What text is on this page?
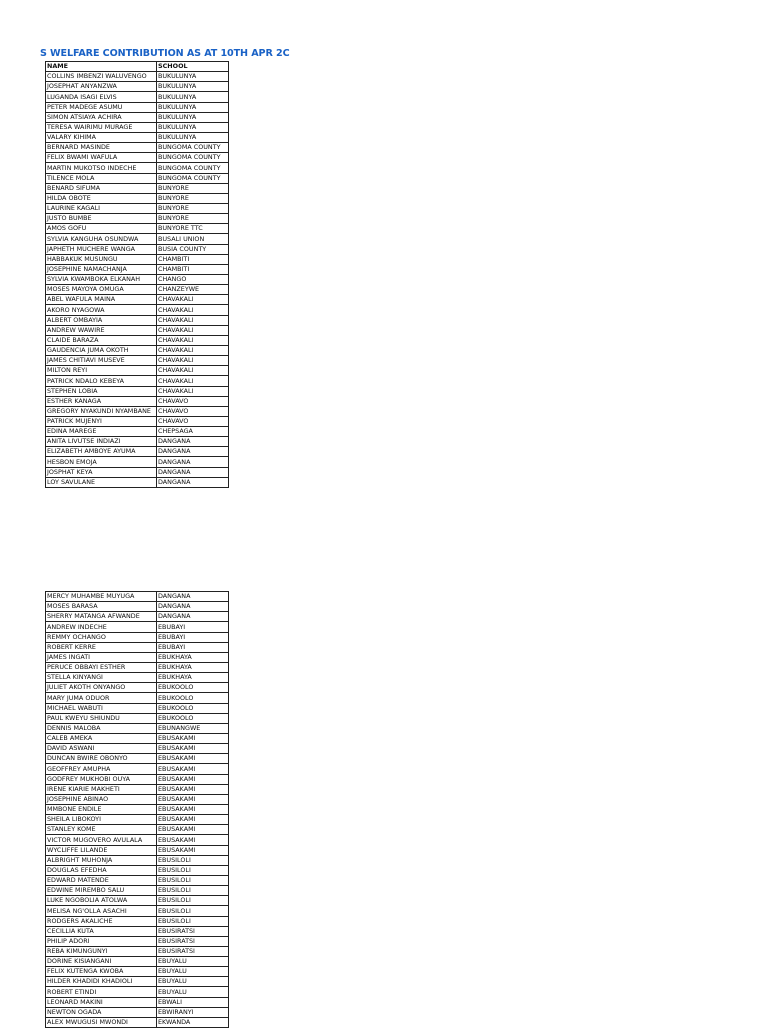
S WELFARE CONTRIBUTION AS AT 10TH APR 2C
NAME	SCHOOL
COLLINS IMBENZI WALUVENGO	BUKULUNYA
JOSEPHAT ANYANZWA	BUKULUNYA
LUGANDA ISAGI ELVIS	BUKULUNYA
PETER MADEGE ASUMU	BUKULUNYA
SIMON ATSIAYA ACHIRA	BUKULUNYA
TERESA WAIRIMU MURAGE	BUKULUNYA
VALARY KIHIMA	BUKULUNYA
BERNARD MASINDE	BUNGOMA COUNTY
FELIX BWAMI WAFULA	BUNGOMA COUNTY
MARTIN MUKOTSO INDECHE	BUNGOMA COUNTY
TILENCE MOLA	BUNGOMA COUNTY
BENARD SIFUMA	BUNYORE
HILDA OBOTE	BUNYORE
LAURINE KAGALI	BUNYORE
JUSTO BUMBE	BUNYORE
AMOS GOFU	BUNYORE TTC
SYLVIA KANGUHA OSUNDWA	BUSALI UNION
JAPHETH MUCHERE WANGA	BUSIA COUNTY
HABBAKUK MUSUNGU	CHAMBITI
JOSEPHINE NAMACHANJA	CHAMBITI
SYLVIA KWAMBOKA ELKANAH	CHANGO
MOSES MAYOYA OMUGA	CHANZEYWE
ABEL WAFULA MAINA	CHAVAKALI
AKORO NYAGOWA	CHAVAKALI
ALBERT OMBAYIA	CHAVAKALI
ANDREW WAWIRE	CHAVAKALI
CLAIDE BARAZA	CHAVAKALI
GAUDENCIA JUMA OKOTH	CHAVAKALI
JAMES CHITIAVI MUSEVE	CHAVAKALI
MILTON REYI	CHAVAKALI
PATRICK NDALO KEBEYA	CHAVAKALI
STEPHEN LOBIA	CHAVAKALI
ESTHER KANAGA	CHAVAVO
GREGORY NYAKUNDI NYAMBANE	CHAVAVO
PATRICK MUJENYI	CHAVAVO
EDINA MAREGE	CHEPSAGA
ANITA LIVUTSE INDIAZI	DANGANA
ELIZABETH AMBOYE AYUMA	DANGANA
HESBON EMOJA	DANGANA
JOSPHAT KEYA	DANGANA
LOY SAVULANE	DANGANA
MERCY MUHAMBE MUYUGA	DANGANA
MOSES BARASA	DANGANA
SHERRY MATANGA AFWANDE	DANGANA
ANDREW INDECHE	EBUBAYI
REMMY OCHANGO	EBUBAYI
ROBERT KERRE	EBUBAYI
JAMES INGATI	EBUKHAYA
PERUCE OBBAYI ESTHER	EBUKHAYA
STELLA KINYANGI	EBUKHAYA
JULIET AKOTH ONYANGO	EBUKOOLO
MARY JUMA ODUOR	EBUKOOLO
MICHAEL WABUTI	EBUKOOLO
PAUL KWEYU SHIUNDU	EBUKOOLO
DENNIS MALOBA	EBUNANGWE
CALEB AMEKA	EBUSAKAMI
DAVID ASWANI	EBUSAKAMI
DUNCAN BWIRE OBONYO	EBUSAKAMI
GEOFFREY AMUPHA	EBUSAKAMI
GODFREY MUKHOBI OUYA	EBUSAKAMI
IRENE KIARIE MAKHETI	EBUSAKAMI
JOSEPHINE ABINAO	EBUSAKAMI
MMBONE ENDILE	EBUSAKAMI
SHEILA LIBOKOYI	EBUSAKAMI
STANLEY KOME	EBUSAKAMI
VICTOR MUGOVERO AVULALA	EBUSAKAMI
WYCLIFFE LILANDE	EBUSAKAMI
ALBRIGHT MUHONJA	EBUSILOLI
DOUGLAS EFEDHA	EBUSILOLI
EDWARD MATENDE	EBUSILOLI
EDWINE MIREMBO SALU	EBUSILOLI
LUKE NGOBOLIA ATOLWA	EBUSILOLI
MELISA NG'OLLA ASACHI	EBUSILOLI
RODGERS AKALICHE	EBUSILOLI
CECILLIA KUTA	EBUSIRATSI
PHILIP ADORI	EBUSIRATSI
REBA KIMUNGUNYI	EBUSIRATSI
DORINE KISIANGANI	EBUYALU
FELIX KUTENGA KWOBA	EBUYALU
HILDER KHADIDI KHADIOLI	EBUYALU
ROBERT ETINDI	EBUYALU
LEONARD MAKINI	EBWALI
NEWTON OGADA	EBWIRANYI
ALEX MWUGUSI MWONDI	EKWANDA
